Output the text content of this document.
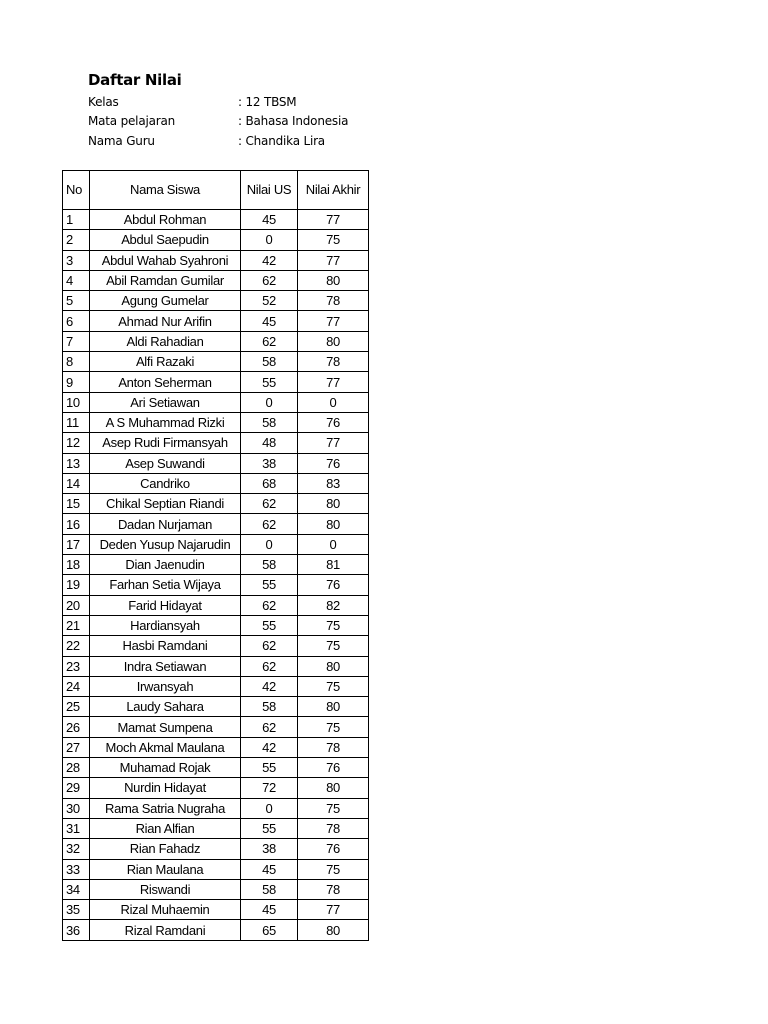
Daftar Nilai
Kelas	: 12 TBSM
Mata pelajaran	: Bahasa Indonesia
Nama Guru	: Chandika Lira
No	Nama Siswa	Nilai US	Nilai Akhir
1	Abdul Rohman	45	77
2	Abdul Saepudin	0	75
3	Abdul Wahab Syahroni	42	77
4	Abil Ramdan Gumilar	62	80
5	Agung Gumelar	52	78
6	Ahmad Nur Arifin	45	77
7	Aldi Rahadian	62	80
8	Alfi Razaki	58	78
9	Anton Seherman	55	77
10	Ari Setiawan	0	0
11	A S Muhammad Rizki	58	76
12	Asep Rudi Firmansyah	48	77
13	Asep Suwandi	38	76
14	Candriko	68	83
15	Chikal Septian Riandi	62	80
16	Dadan Nurjaman	62	80
17	Deden Yusup Najarudin	0	0
18	Dian Jaenudin	58	81
19	Farhan Setia Wijaya	55	76
20	Farid Hidayat	62	82
21	Hardiansyah	55	75
22	Hasbi Ramdani	62	75
23	Indra Setiawan	62	80
24	Irwansyah	42	75
25	Laudy Sahara	58	80
26	Mamat Sumpena	62	75
27	Moch Akmal Maulana	42	78
28	Muhamad Rojak	55	76
29	Nurdin Hidayat	72	80
30	Rama Satria Nugraha	0	75
31	Rian Alfian	55	78
32	Rian Fahadz	38	76
33	Rian Maulana	45	75
34	Riswandi	58	78
35	Rizal Muhaemin	45	77
36	Rizal Ramdani	65	80
